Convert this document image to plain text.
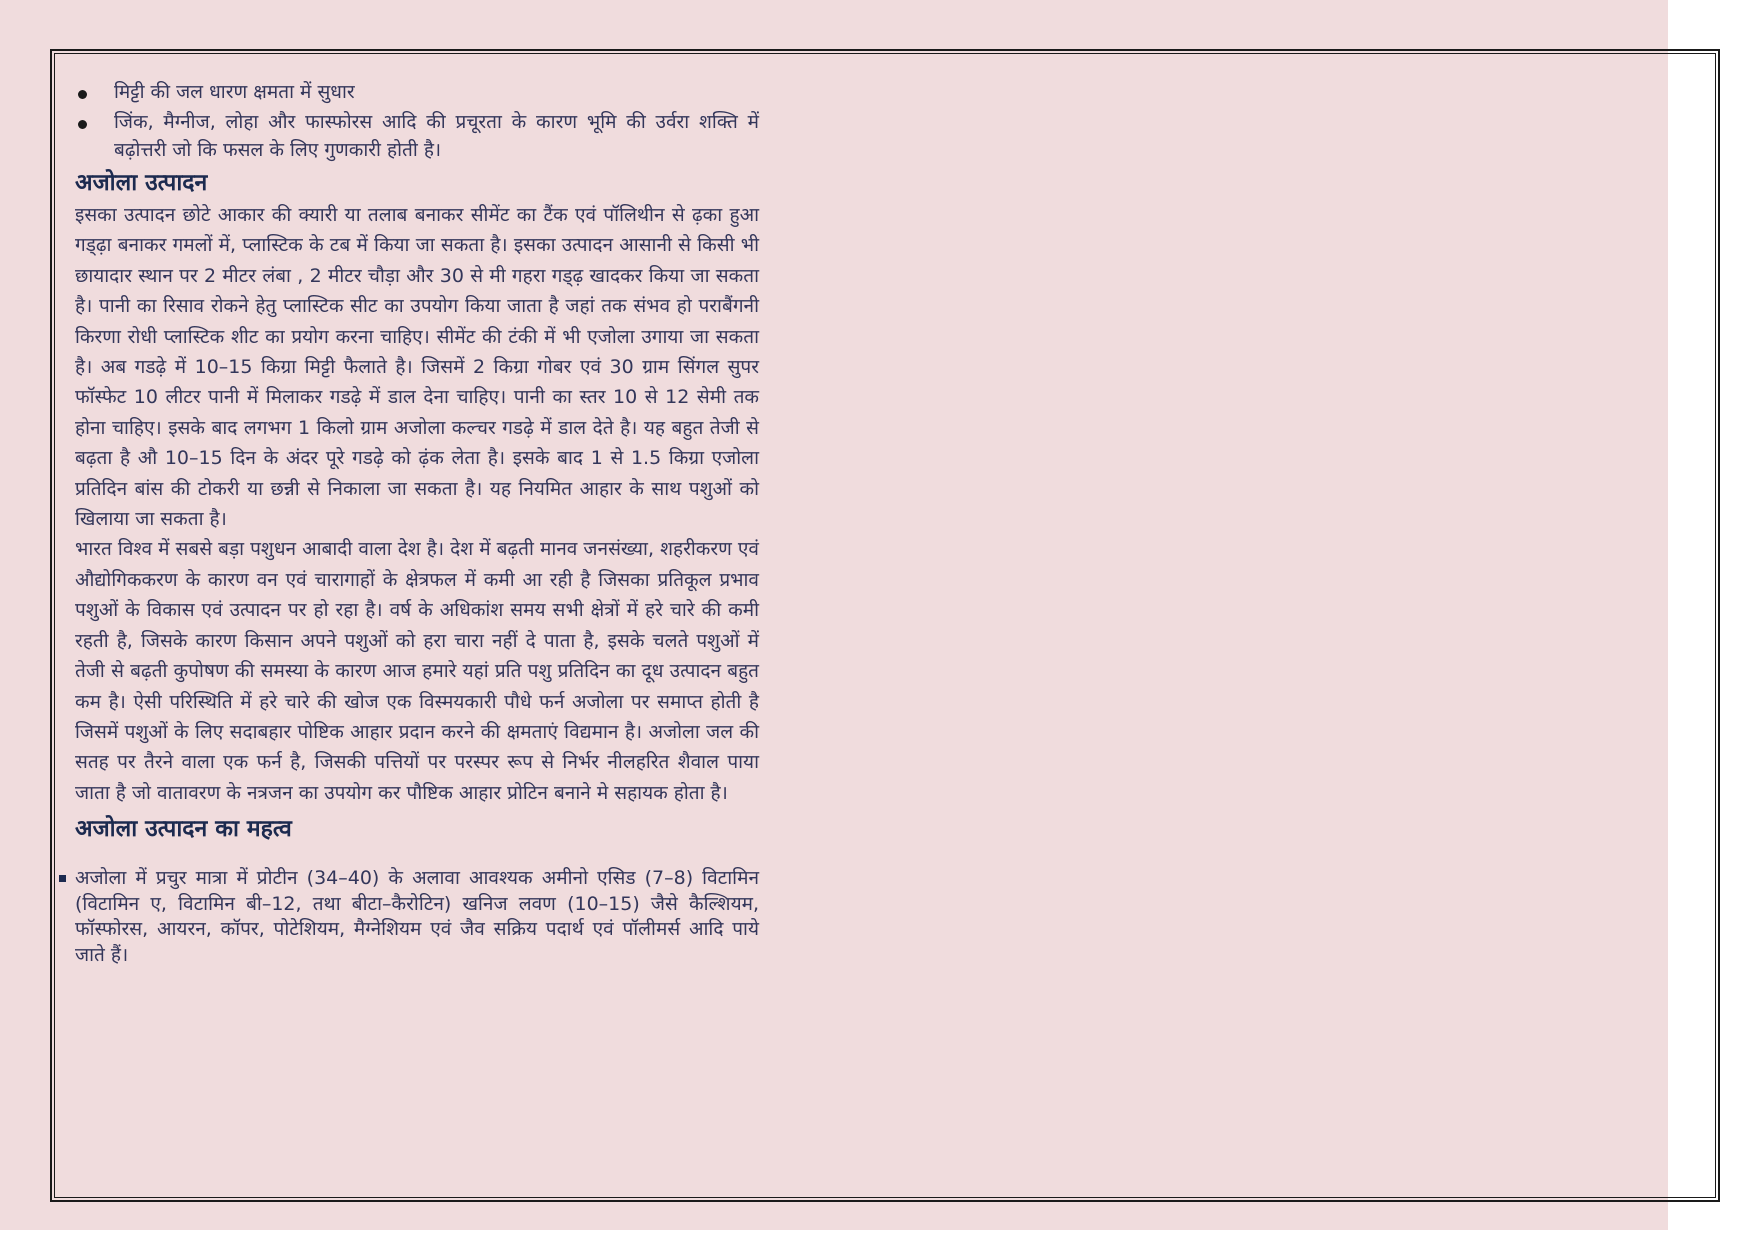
मिट्टी की जल धारण क्षमता में सुधार
जिंक, मैग्नीज, लोहा और फास्फोरस आदि की प्रचूरता के कारण भूमि की उर्वरा शक्ति में बढ़ोत्तरी जो कि फसल के लिए गुणकारी होती है।
अजोला उत्पादन

इसका उत्पादन छोटे आकार की क्यारी या तलाब बनाकर सीमेंट का टैंक एवं पॉलिथीन से ढ़का हुआ गड्ढ़ा बनाकर गमलों में, प्लास्टिक के टब में किया जा सकता है। इसका उत्पादन आसानी से किसी भी छायादार स्थान पर 2 मीटर लंबा , 2 मीटर चौड़ा और 30 से मी गहरा गड्ढ़ खादकर किया जा सकता है। पानी का रिसाव रोकने हेतु प्लास्टिक सीट का उपयोग किया जाता है जहां तक संभव हो पराबैंगनी किरणा रोधी प्लास्टिक शीट का प्रयोग करना चाहिए। सीमेंट की टंकी में भी एजोला उगाया जा सकता है। अब गडढ़े में 10–15 किग्रा मिट्टी फैलाते है। जिसमें 2 किग्रा गोबर एवं 30 ग्राम सिंगल सुपर फॉस्फेट 10 लीटर पानी में मिलाकर गडढ़े में डाल देना चाहिए। पानी का स्तर 10 से 12 सेमी तक होना चाहिए। इसके बाद लगभग 1 किलो ग्राम अजोला कल्चर गडढ़े में डाल देते है। यह बहुत तेजी से बढ़ता है औ 10–15 दिन के अंदर पूरे गडढ़े को ढ़ंक लेता है। इसके बाद 1 से 1.5 किग्रा एजोला प्रतिदिन बांस की टोकरी या छन्नी से निकाला जा सकता है। यह नियमित आहार के साथ पशुओं को खिलाया जा सकता है।

भारत विश्व में सबसे बड़ा पशुधन आबादी वाला देश है। देश में बढ़ती मानव जनसंख्या, शहरीकरण एवं औद्योगिककरण के कारण वन एवं चारागाहों के क्षेत्रफल में कमी आ रही है जिसका प्रतिकूल प्रभाव पशुओं के विकास एवं उत्पादन पर हो रहा है। वर्ष के अधिकांश समय सभी क्षेत्रों में हरे चारे की कमी रहती है, जिसके कारण किसान अपने पशुओं को हरा चारा नहीं दे पाता है, इसके चलते पशुओं में तेजी से बढ़ती कुपोषण की समस्या के कारण आज हमारे यहां प्रति पशु प्रतिदिन का दूध उत्पादन बहुत कम है। ऐसी परिस्थिति में हरे चारे की खोज एक विस्मयकारी पौधे फर्न अजोला पर समाप्त होती है जिसमें पशुओं के लिए सदाबहार पोष्टिक आहार प्रदान करने की क्षमताएं विद्यमान है। अजोला जल की सतह पर तैरने वाला एक फर्न है, जिसकी पत्तियों पर परस्पर रूप से निर्भर नीलहरित शैवाल पाया जाता है जो वातावरण के नत्रजन का उपयोग कर पौष्टिक आहार प्रोटिन बनाने मे सहायक होता है।

अजोला उत्पादन का महत्व
अजोला में प्रचुर मात्रा में प्रोटीन (34–40) के अलावा आवश्यक अमीनो एसिड (7–8) विटामिन (विटामिन ए, विटामिन बी–12, तथा बीटा–कैरोटिन) खनिज लवण (10–15) जैसे कैल्शियम, फॉस्फोरस, आयरन, कॉपर, पोटेशियम, मैग्नेशियम एवं जैव सक्रिय पदार्थ एवं पॉलीमर्स आदि पाये जाते हैं।
